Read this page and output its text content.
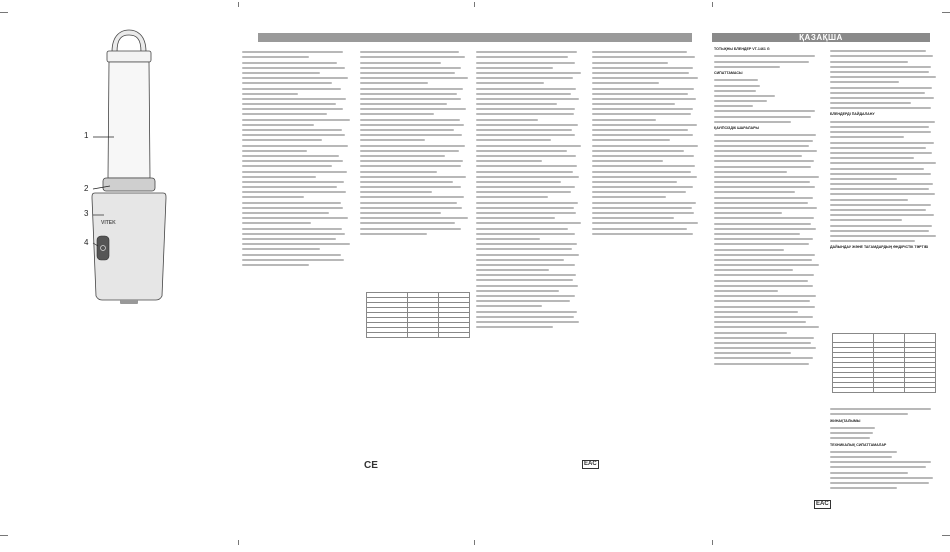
1
2
3
4
VITEK

CE	EAC
ҚАЗАҚША
ТОТЫҚНЫ БЛЕНДЕР VT-1461 G
СИПАТТАМАСЫ
ҚАУІПСІЗДІК ШАРАЛАРЫ
БЛЕНДЕРДІ ПАЙДАЛАНУ
ДАЙЫНДАУ ЖӘНЕ ТАҒАМДАРДЫҢ ӨНДІРІСТІК ТӘРТІБІ

ЖИНАҚТАЛЫМЫ
ТЕХНИКАЛЫҚ СИПАТТАМАЛАР
EAC
